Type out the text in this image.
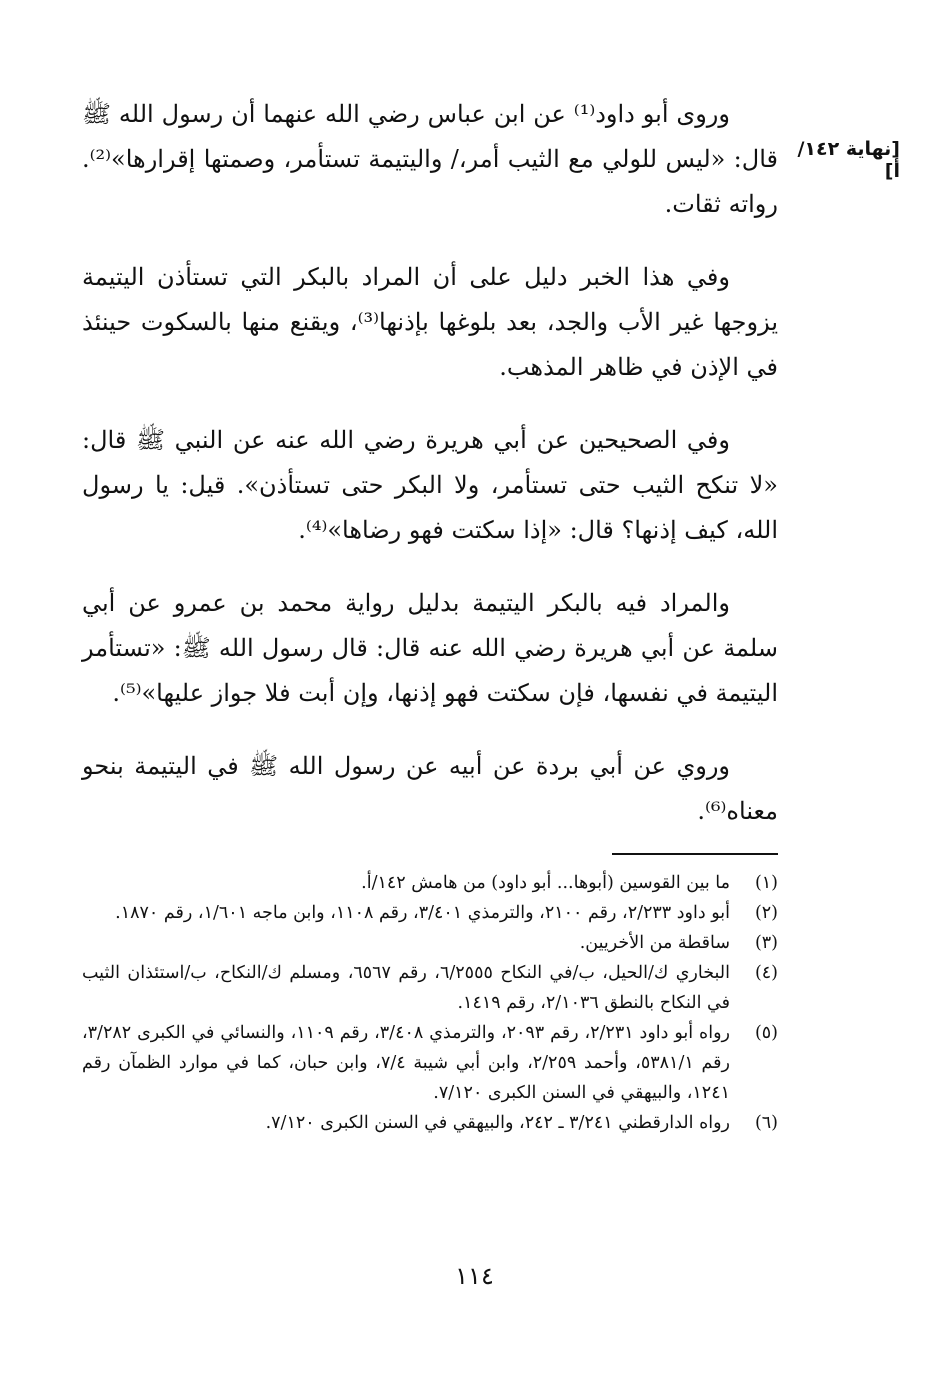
[نهاية ١٤٢/أ]

وروى أبو داود⁽¹⁾ عن ابن عباس رضي الله عنهما أن رسول الله ﷺ قال: «ليس للولي مع الثيب أمر،/ واليتيمة تستأمر، وصمتها إقرارها»⁽²⁾. رواته ثقات.

وفي هذا الخبر دليل على أن المراد بالبكر التي تستأذن اليتيمة يزوجها غير الأب والجد، بعد بلوغها بإذنها⁽³⁾، ويقنع منها بالسكوت حينئذ في الإذن في ظاهر المذهب.

وفي الصحيحين عن أبي هريرة رضي الله عنه عن النبي ﷺ قال: «لا تنكح الثيب حتى تستأمر، ولا البكر حتى تستأذن». قيل: يا رسول الله، كيف إذنها؟ قال: «إذا سكتت فهو رضاها»⁽⁴⁾.

والمراد فيه بالبكر اليتيمة بدليل رواية محمد بن عمرو عن أبي سلمة عن أبي هريرة رضي الله عنه قال: قال رسول الله ﷺ: «تستأمر اليتيمة في نفسها، فإن سكتت فهو إذنها، وإن أبت فلا جواز عليها»⁽⁵⁾.

وروي عن أبي بردة عن أبيه عن رسول الله ﷺ في اليتيمة بنحو معناه⁽⁶⁾.

(١)
ما بين القوسين (أبوها... أبو داود) من هامش ١٤٢/أ.
(٢)
أبو داود ٢/٢٣٣، رقم ٢١٠٠، والترمذي ٣/٤٠١، رقم ١١٠٨، وابن ماجه ١/٦٠١، رقم ١٨٧٠.
(٣)
ساقطة من الأخريين.
(٤)
البخاري ك/الحيل، ب/في النكاح ٦/٢٥٥٥، رقم ٦٥٦٧، ومسلم ك/النكاح، ب/استئذان الثيب في النكاح بالنطق ٢/١٠٣٦، رقم ١٤١٩.
(٥)
رواه أبو داود ٢/٢٣١، رقم ٢٠٩٣، والترمذي ٣/٤٠٨، رقم ١١٠٩، والنسائي في الكبرى ٣/٢٨٢، رقم ٥٣٨١/١، وأحمد ٢/٢٥٩، وابن أبي شيبة ٧/٤، وابن حبان، كما في موارد الظمآن رقم ١٢٤١، والبيهقي في السنن الكبرى ٧/١٢٠.
(٦)
رواه الدارقطني ٣/٢٤١ ـ ٢٤٢، والبيهقي في السنن الكبرى ٧/١٢٠.
١١٤
